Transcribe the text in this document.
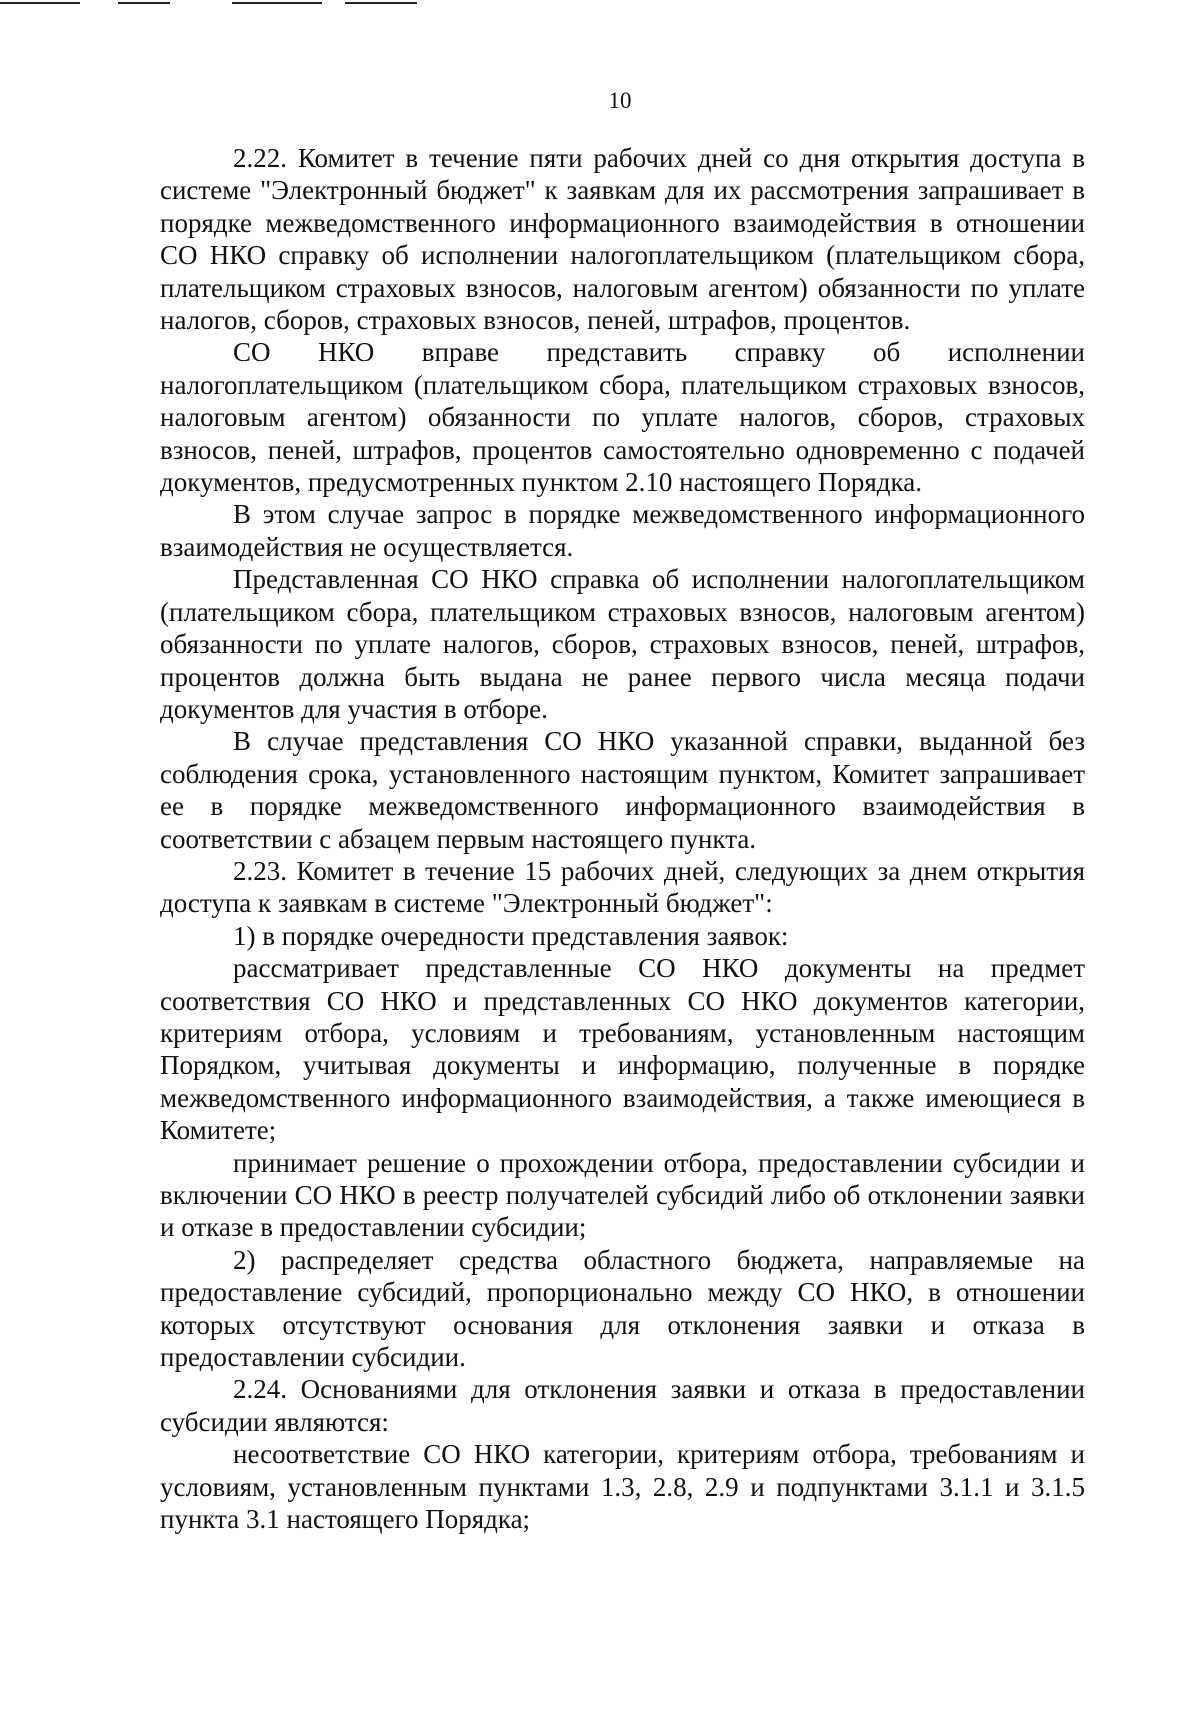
10

2.22. Комитет в течение пяти рабочих дней со дня открытия доступа в системе "Электронный бюджет" к заявкам для их рассмотрения запрашивает в порядке межведомственного информационного взаимодействия в отношении СО НКО справку об исполнении налогоплательщиком (плательщиком сбора, плательщиком страховых взносов, налоговым агентом) обязанности по уплате налогов, сборов, страховых взносов, пеней, штрафов, процентов.

СО НКО вправе представить справку об исполнении налогоплательщиком (плательщиком сбора, плательщиком страховых взносов, налоговым агентом) обязанности по уплате налогов, сборов, страховых взносов, пеней, штрафов, процентов самостоятельно одновременно с подачей документов, предусмотренных пунктом 2.10 настоящего Порядка.

В этом случае запрос в порядке межведомственного информационного взаимодействия не осуществляется.

Представленная СО НКО справка об исполнении налогоплательщиком (плательщиком сбора, плательщиком страховых взносов, налоговым агентом) обязанности по уплате налогов, сборов, страховых взносов, пеней, штрафов, процентов должна быть выдана не ранее первого числа месяца подачи документов для участия в отборе.

В случае представления СО НКО указанной справки, выданной без соблюдения срока, установленного настоящим пунктом, Комитет запрашивает ее в порядке межведомственного информационного взаимодействия в соответствии с абзацем первым настоящего пункта.

2.23. Комитет в течение 15 рабочих дней, следующих за днем открытия доступа к заявкам в системе "Электронный бюджет":

1) в порядке очередности представления заявок:

рассматривает представленные СО НКО документы на предмет соответствия СО НКО и представленных СО НКО документов категории, критериям отбора, условиям и требованиям, установленным настоящим Порядком, учитывая документы и информацию, полученные в порядке межведомственного информационного взаимодействия, а также имеющиеся в Комитете;

принимает решение о прохождении отбора, предоставлении субсидии и включении СО НКО в реестр получателей субсидий либо об отклонении заявки и отказе в предоставлении субсидии;

2) распределяет средства областного бюджета, направляемые на предоставление субсидий, пропорционально между СО НКО, в отношении которых отсутствуют основания для отклонения заявки и отказа в предоставлении субсидии.

2.24. Основаниями для отклонения заявки и отказа в предоставлении субсидии являются:

несоответствие СО НКО категории, критериям отбора, требованиям и условиям, установленным пунктами 1.3, 2.8, 2.9 и подпунктами 3.1.1 и 3.1.5 пункта 3.1 настоящего Порядка;
